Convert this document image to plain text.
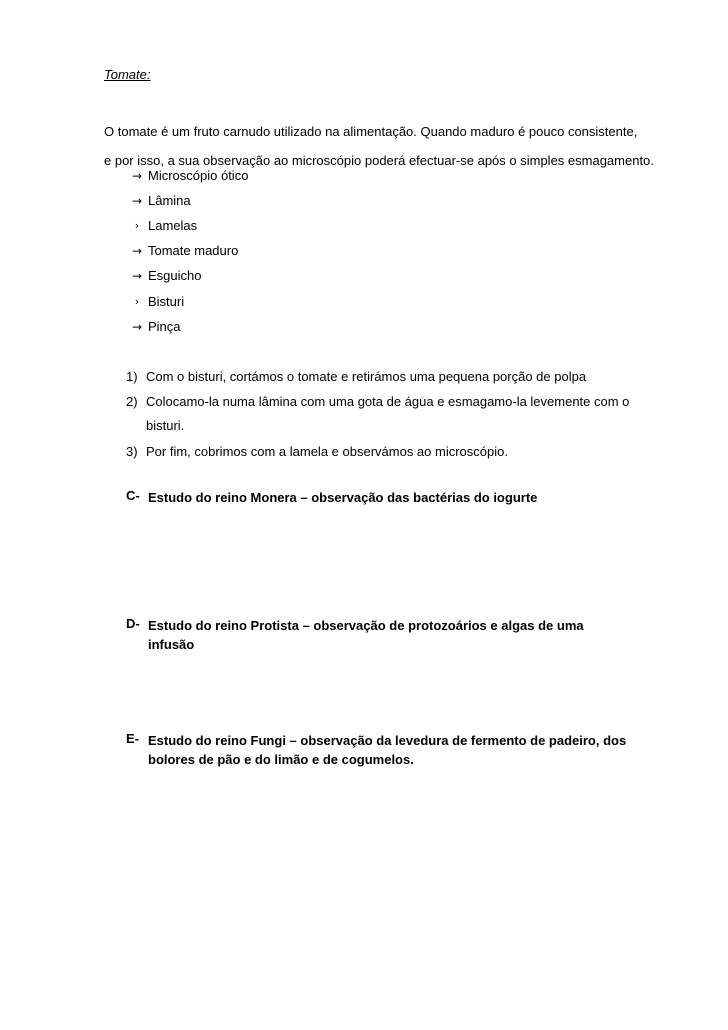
Tomate:
O tomate é um fruto carnudo utilizado na alimentação. Quando maduro é pouco consistente,
e por isso, a sua observação ao microscópio poderá efectuar-se após o simples esmagamento.
→ Microscópio ótico
→ Lâmina
› Lamelas
→ Tomate maduro
→ Esguicho
› Bisturi
→ Pinça
1) Com o bisturi, cortámos o tomate e retirámos uma pequena porção de polpa
2) Colocamo-la numa lâmina com uma gota de água e esmagamo-la levemente com o
bisturi.
3) Por fim, cobrimos com a lamela e observámos ao microscópio.
C- Estudo do reino Monera – observação das bactérias do iogurte
D- Estudo do reino Protista – observação de protozoários e algas de uma infusão
E- Estudo do reino Fungi – observação da levedura de fermento de padeiro, dos bolores de pão e do limão e de cogumelos.
